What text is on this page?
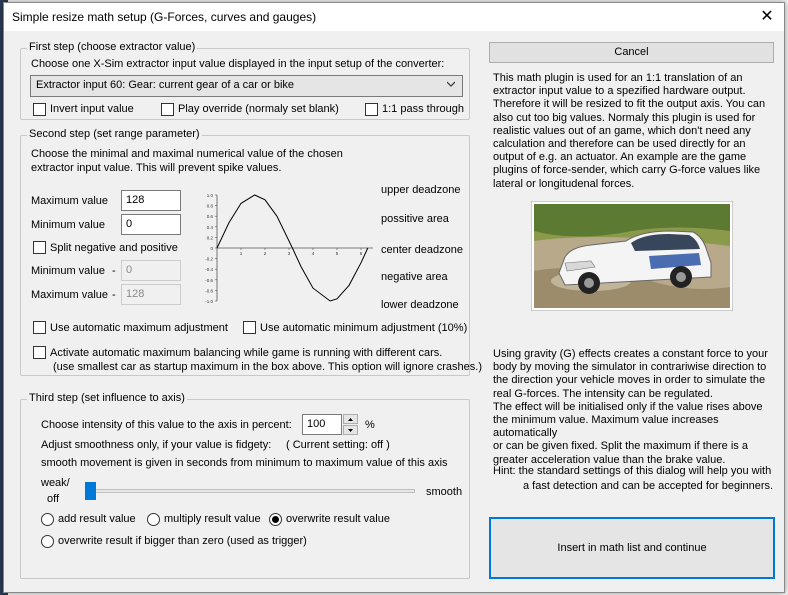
Simple resize math setup (G-Forces, curves and gauges)	✕
First step (choose extractor value)
Choose one X-Sim extractor input value displayed in the input setup of the converter:
Extractor input 60: Gear: current gear of a car or bike
Invert input value	Play override (normaly set blank)	1:1 pass through
Second step (set range parameter)
Choose the minimal and maximal numerical value of the chosen
extractor input value. This will prevent spike values.
Maximum value	128
Minimum value	0
Split negative and positive
Minimum value - 0
Maximum value - 128
1.0
0.8
0.6
0.4
0.2
0
-0.2
-0.4
-0.6
-0.8
-1.0
1	2	3	4	5	6
upper deadzone
possitive area
center deadzone
negative area
lower deadzone
Use automatic maximum adjustment	Use automatic minimum adjustment (10%)
Activate automatic maximum balancing while game is running with different cars.
(use smallest car as startup maximum in the box above. This option will ignore crashes.)
Third step (set influence to axis)
Choose intensity of this value to the axis in percent:	100	%
Adjust smoothness only, if your value is fidgety: ( Current setting: off )
smooth movement is given in seconds from minimum to maximum value of this axis
weak/
off
smooth
add result value	multiply result value overwrite result value
overwrite result if bigger than zero (used as trigger)
Cancel
This math plugin is used for an 1:1 translation of an
extractor input value to a spezified hardware output.
Therefore it will be resized to fit the output axis. You can
also cut too big values. Normaly this plugin is used for
realistic values out of an game, which don't need any
calculation and therefore can be used directly for an
output of e.g. an actuator. An example are the game
plugins of force-sender, which carry G-force values like
lateral or longitudenal forces.
Using gravity (G) effects creates a constant force to your
body by moving the simulator in contrariwise direction to
the direction your vehicle moves in order to simulate the
real G-forces. The intensity can be regulated.
The effect will be initialised only if the value rises above
the minimum value. Maximum value increases automatically
or can be given fixed. Split the maximum if there is a
greater acceleration value than the brake value.
Hint: the standard settings of this dialog will help you with
a fast detection and can be accepted for beginners.
Insert in math list and continue
